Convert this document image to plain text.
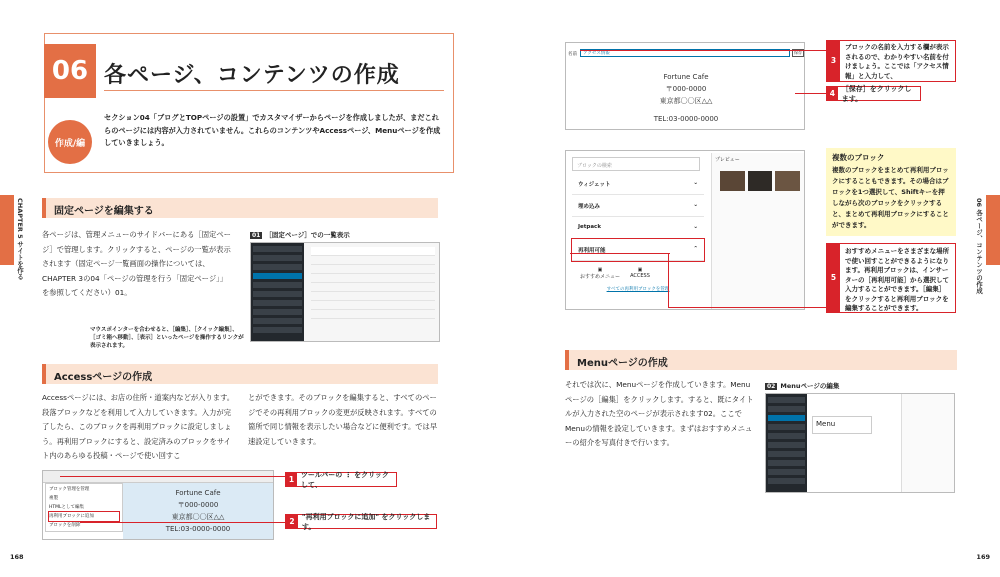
06 各ページ、コンテンツの作成
作成/編
セクション04「ブログとTOPページの設置」でカスタマイザーからページを作成しましたが、まだこれらのページには内容が入力されていません。これらのコンテンツやAccessページ、Menuページを作成していきましょう。
CHAPTER 5 サイトを作る	固定ページを編集する
各ページは、管理メニューのサイドバーにある［固定ページ］で管理します。クリックすると、ページの一覧が表示されます（固定ページ一覧画面の操作については、CHAPTER 3の04「ページの管理を行う「固定ページ」」を参照してください）01。
01 ［固定ページ］での一覧表示
マウスポインターを合わせると、［編集］、［クイック編集］、［ゴミ箱へ移動］、［表示］といったページを操作するリンクが表示されます。
Accessページの作成
Accessページには、お店の住所・道案内などが入ります。段落ブロックなどを利用して入力していきます。入力が完了したら、このブロックを再利用ブロックに設定しましょう。再利用ブロックにすると、設定済みのブロックをサイト内のあらゆる投稿・ページで使い回すこ
とができます。そのブロックを編集すると、すべてのページでその再利用ブロックの変更が反映されます。すべての箇所で同じ情報を表示したい場合などに便利です。では早速設定していきます。
Fortune Cafe
〒000-0000
東京都〇〇区△△
TEL:03-0000-0000
ブロック管理を管理
複製
HTMLとして編集
再利用ブロックに追加
ブロックを削除
1
ツールバーの ⋮ をクリックして、
2
"再利用ブロックに追加" をクリックします。
168
06 各ページ、コンテンツの作成
169
名前	アクセス情報	保存
Fortune Cafe
〒000-0000
東京都〇〇区△△
TEL:03-0000-0000
3
ブロックの名前を入力する欄が表示されるので、わかりやすい名前を付けましょう。ここでは「アクセス情報」と入力して、
4
［保存］をクリックします。
ブロックの検索
ウィジェット	⌄
埋め込み	⌄
Jetpack	⌄
再利用可能	⌃
▣
おすすめメニュー
▣
ACCESS
すべての再利用ブロックを管理
プレビュー	複数のブロック
複数のブロックをまとめて再利用ブロックにすることもできます。その場合はブロックを1つ選択して、Shiftキーを押しながら次のブロックをクリックすると、まとめて再利用ブロックにすることができます。
5
おすすめメニューをさまざまな場所で使い回すことができるようになります。再利用ブロックは、インサーターの［再利用可能］から選択して入力することができます。［編集］をクリックすると再利用ブロックを編集することができます。
Menuページの作成
それでは次に、Menuページを作成していきます。Menuページの［編集］をクリックします。すると、既にタイトルが入力された空のページが表示されます02。ここでMenuの情報を設定していきます。まずはおすすめメニューの紹介を写真付きで行います。
02 Menuページの編集
Menu
